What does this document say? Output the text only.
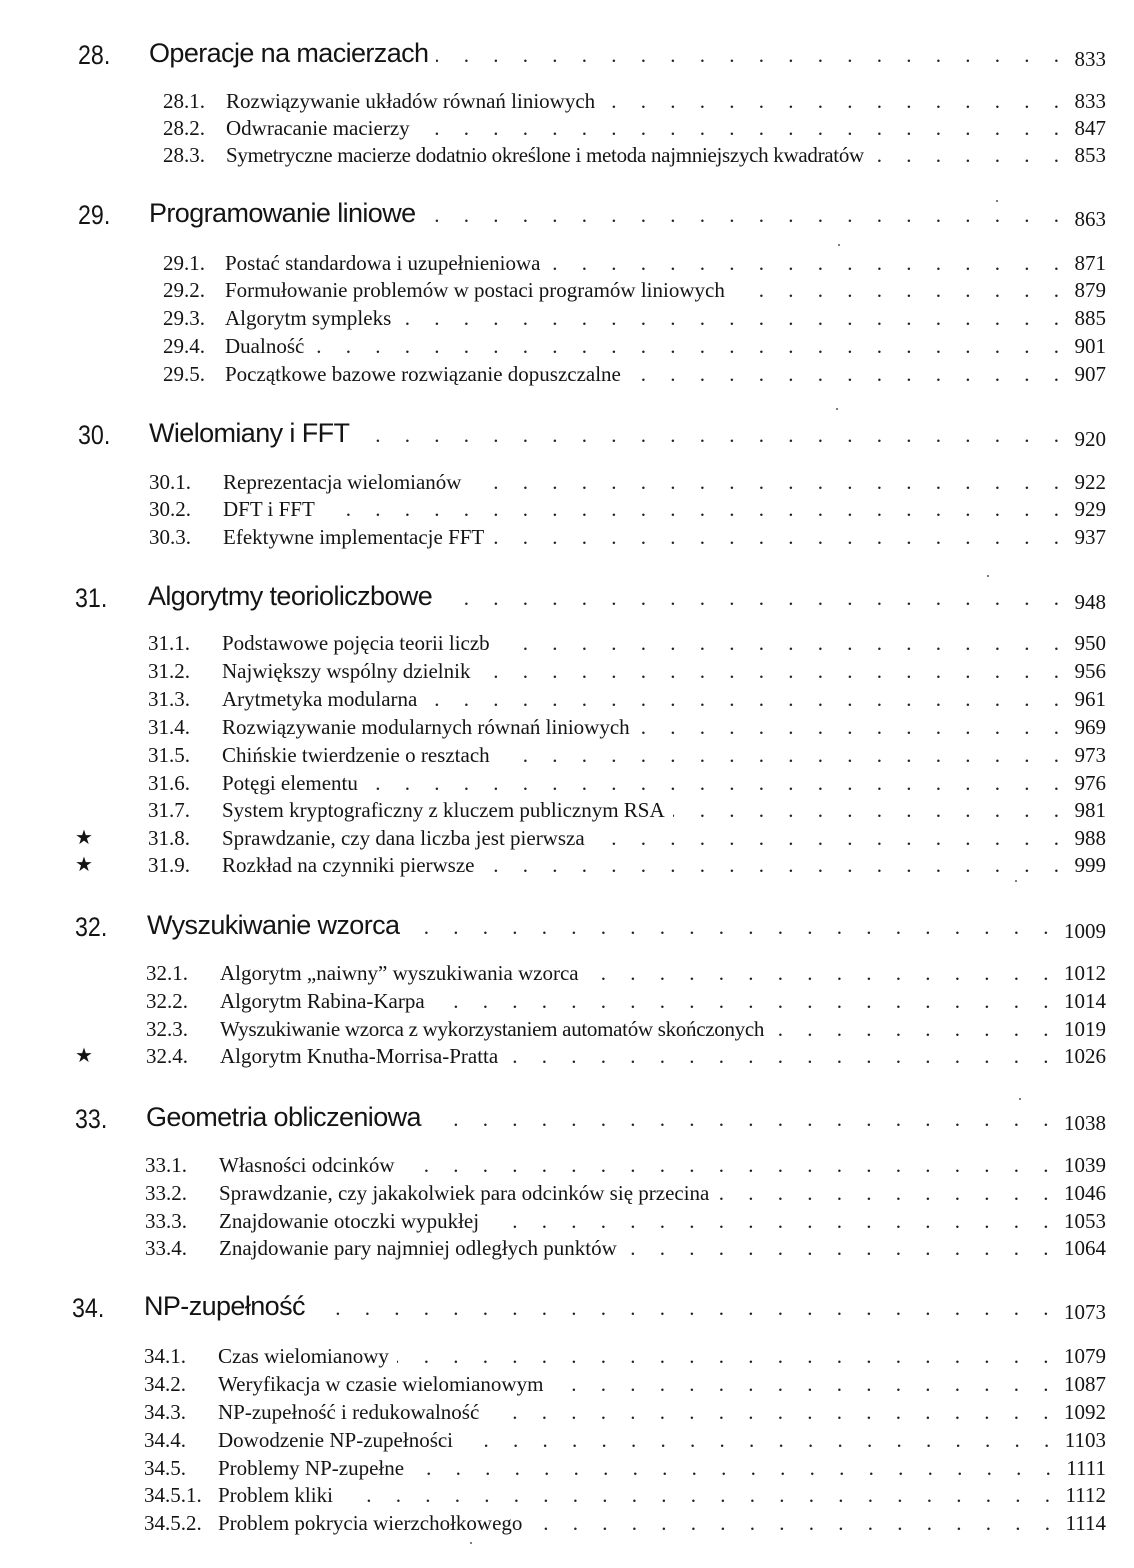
28. Operacje na macierzach . . .	833
28.1. Rozwiązywanie układów równań liniowych . . .	833
28.2. Odwracanie macierzy . . .	847
28.3. Symetryczne macierze dodatnio określone i metoda najmniejszych kwadratów . . .	853
29. Programowanie liniowe . . .	863
29.1. Postać standardowa i uzupełnieniowa . . .	871
29.2. Formułowanie problemów w postaci programów liniowych . . .	879
29.3. Algorytm sympleks . . .	885
29.4. Dualność . . .	901
29.5. Początkowe bazowe rozwiązanie dopuszczalne . . .	907
30. Wielomiany i FFT . . .	920
30.1. Reprezentacja wielomianów . . .	922
30.2. DFT i FFT . . .	929
30.3. Efektywne implementacje FFT . . .	937
31. Algorytmy teorioliczbowe . . .	948
31.1. Podstawowe pojęcia teorii liczb . . .	950
31.2. Największy wspólny dzielnik . . .	956
31.3. Arytmetyka modularna . . .	961
31.4. Rozwiązywanie modularnych równań liniowych . . .	969
31.5. Chińskie twierdzenie o resztach . . .	973
31.6. Potęgi elementu . . .	976
31.7. System kryptograficzny z kluczem publicznym RSA . . .	981
★	31.8. Sprawdzanie, czy dana liczba jest pierwsza . . .	988
★	31.9. Rozkład na czynniki pierwsze . . .	999
32. Wyszukiwanie wzorca . . .	1009
32.1. Algorytm „naiwny” wyszukiwania wzorca . . .	1012
32.2. Algorytm Rabina-Karpa . . .	1014
32.3. Wyszukiwanie wzorca z wykorzystaniem automatów skończonych . . .	1019
★	32.4. Algorytm Knutha-Morrisa-Pratta . . .	1026
33. Geometria obliczeniowa . . .	1038
33.1. Własności odcinków . . .	1039
33.2. Sprawdzanie, czy jakakolwiek para odcinków się przecina . . .	1046
33.3. Znajdowanie otoczki wypukłej . . .	1053
33.4. Znajdowanie pary najmniej odległych punktów . . .	1064
34. NP-zupełność . . .	1073
34.1. Czas wielomianowy . . .	1079
34.2. Weryfikacja w czasie wielomianowym . . .	1087
34.3. NP-zupełność i redukowalność . . .	1092
34.4. Dowodzenie NP-zupełności . . .	1103
34.5. Problemy NP-zupełne . . .	1111
34.5.1. Problem kliki . . .	1112
34.5.2. Problem pokrycia wierzchołkowego . . .	1114
